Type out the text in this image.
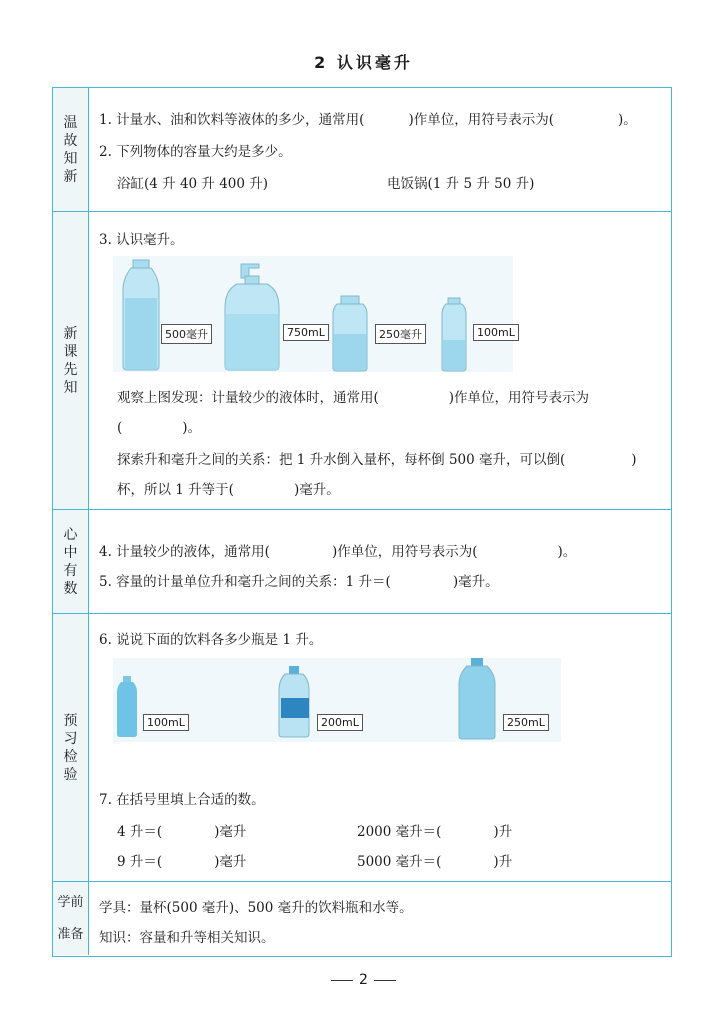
2 认识毫升
温故知新
1. 计量水、油和饮料等液体的多少，通常用(	)作单位，用符号表示为(	)。
2. 下列物体的容量大约是多少。
浴缸(4 升 40 升 400 升)	电饭锅(1 升 5 升 50 升)
新课先知
3. 认识毫升。
500毫升	750mL	250毫升	100mL
观察上图发现：计量较少的液体时，通常用(	)作单位，用符号表示为
(	)。
探索升和毫升之间的关系：把 1 升水倒入量杯，每杯倒 500 毫升，可以倒(	)
杯，所以 1 升等于(	)毫升。
心中有数
4. 计量较少的液体，通常用(	)作单位，用符号表示为(	)。
5. 容量的计量单位升和毫升之间的关系：1 升＝(	)毫升。
预习检验
6. 说说下面的饮料各多少瓶是 1 升。
100mL	200mL	250mL
7. 在括号里填上合适的数。
4 升＝(	)毫升	2000 毫升＝(	)升
9 升＝(	)毫升	5000 毫升＝(	)升
学前
准备
学具：量杯(500 毫升)、500 毫升的饮料瓶和水等。
知识：容量和升等相关知识。
2
